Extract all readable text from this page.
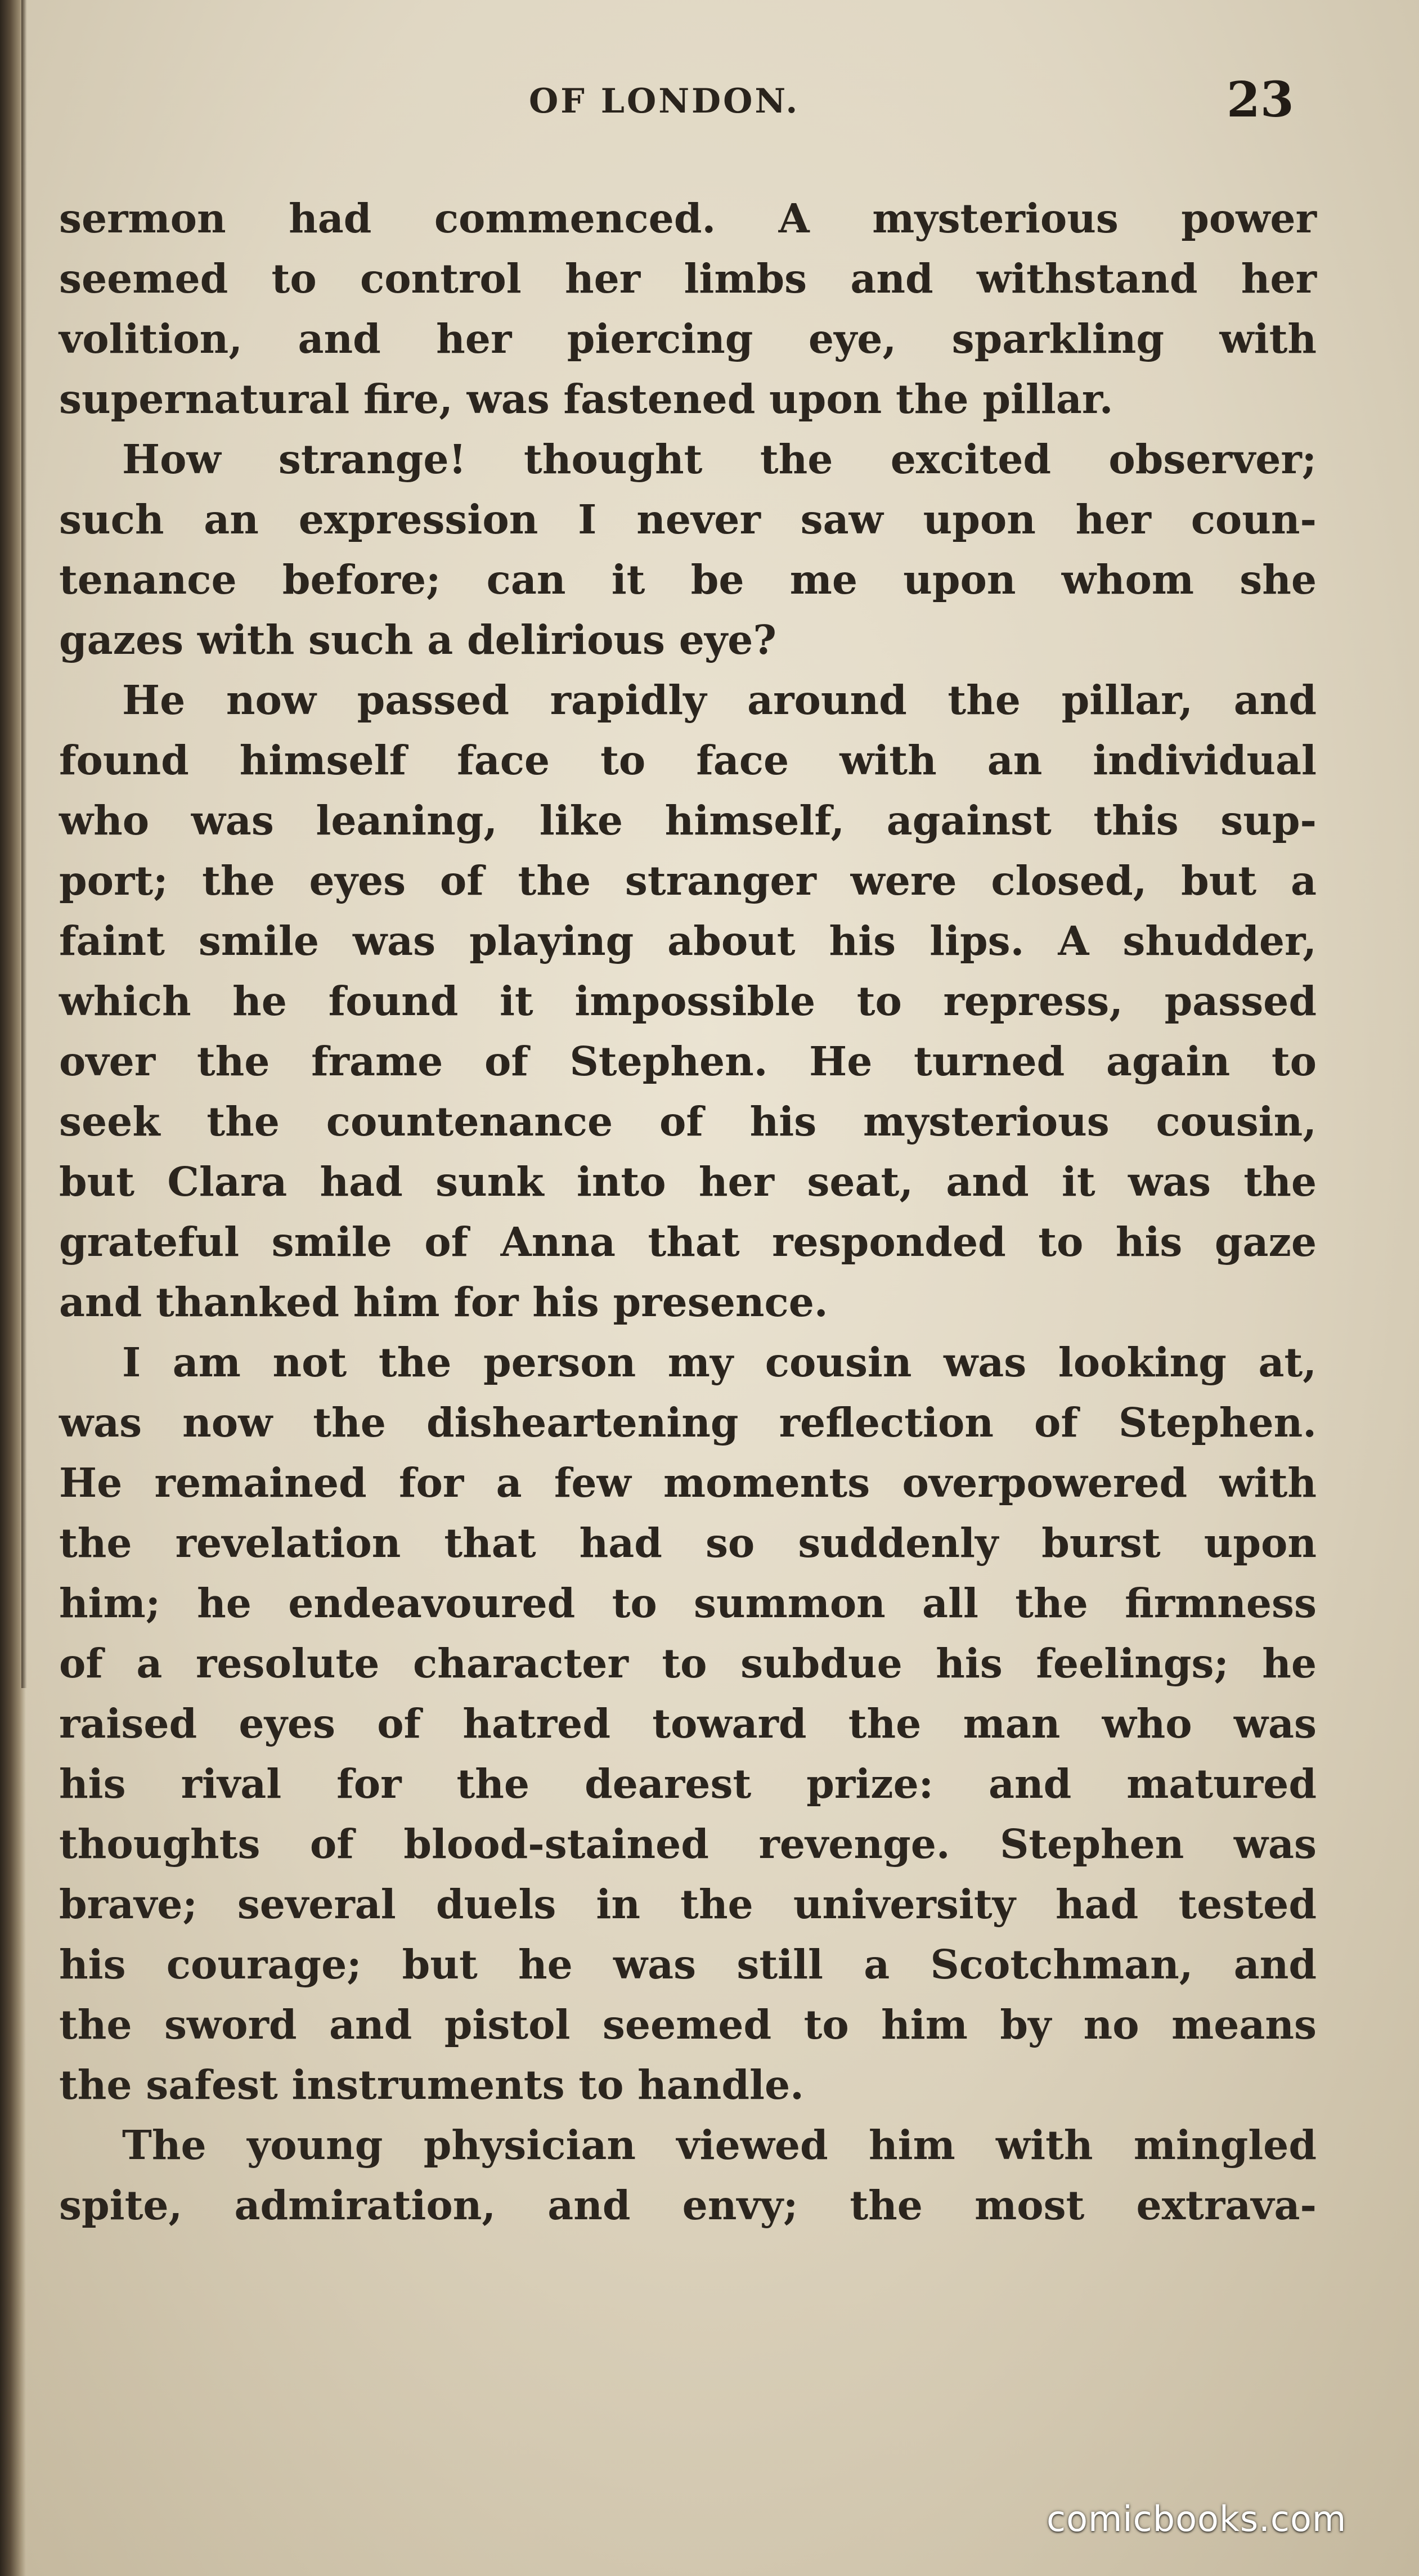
OF LONDON.	23
sermon had commenced. A mysterious power
seemed to control her limbs and withstand her
volition, and her piercing eye, sparkling with
supernatural fire, was fastened upon the pillar.
How strange! thought the excited observer;
such an expression I never saw upon her coun-
tenance before; can it be me upon whom she
gazes with such a delirious eye?
He now passed rapidly around the pillar, and
found himself face to face with an individual
who was leaning, like himself, against this sup-
port; the eyes of the stranger were closed, but a
faint smile was playing about his lips. A shudder,
which he found it impossible to repress, passed
over the frame of Stephen. He turned again to
seek the countenance of his mysterious cousin,
but Clara had sunk into her seat, and it was the
grateful smile of Anna that responded to his gaze
and thanked him for his presence.
I am not the person my cousin was looking at,
was now the disheartening reflection of Stephen.
He remained for a few moments overpowered with
the revelation that had so suddenly burst upon
him; he endeavoured to summon all the firmness
of a resolute character to subdue his feelings; he
raised eyes of hatred toward the man who was
his rival for the dearest prize: and matured
thoughts of blood-stained revenge. Stephen was
brave; several duels in the university had tested
his courage; but he was still a Scotchman, and
the sword and pistol seemed to him by no means
the safest instruments to handle.
The young physician viewed him with mingled
spite, admiration, and envy; the most extrava-
comicbooks.com
